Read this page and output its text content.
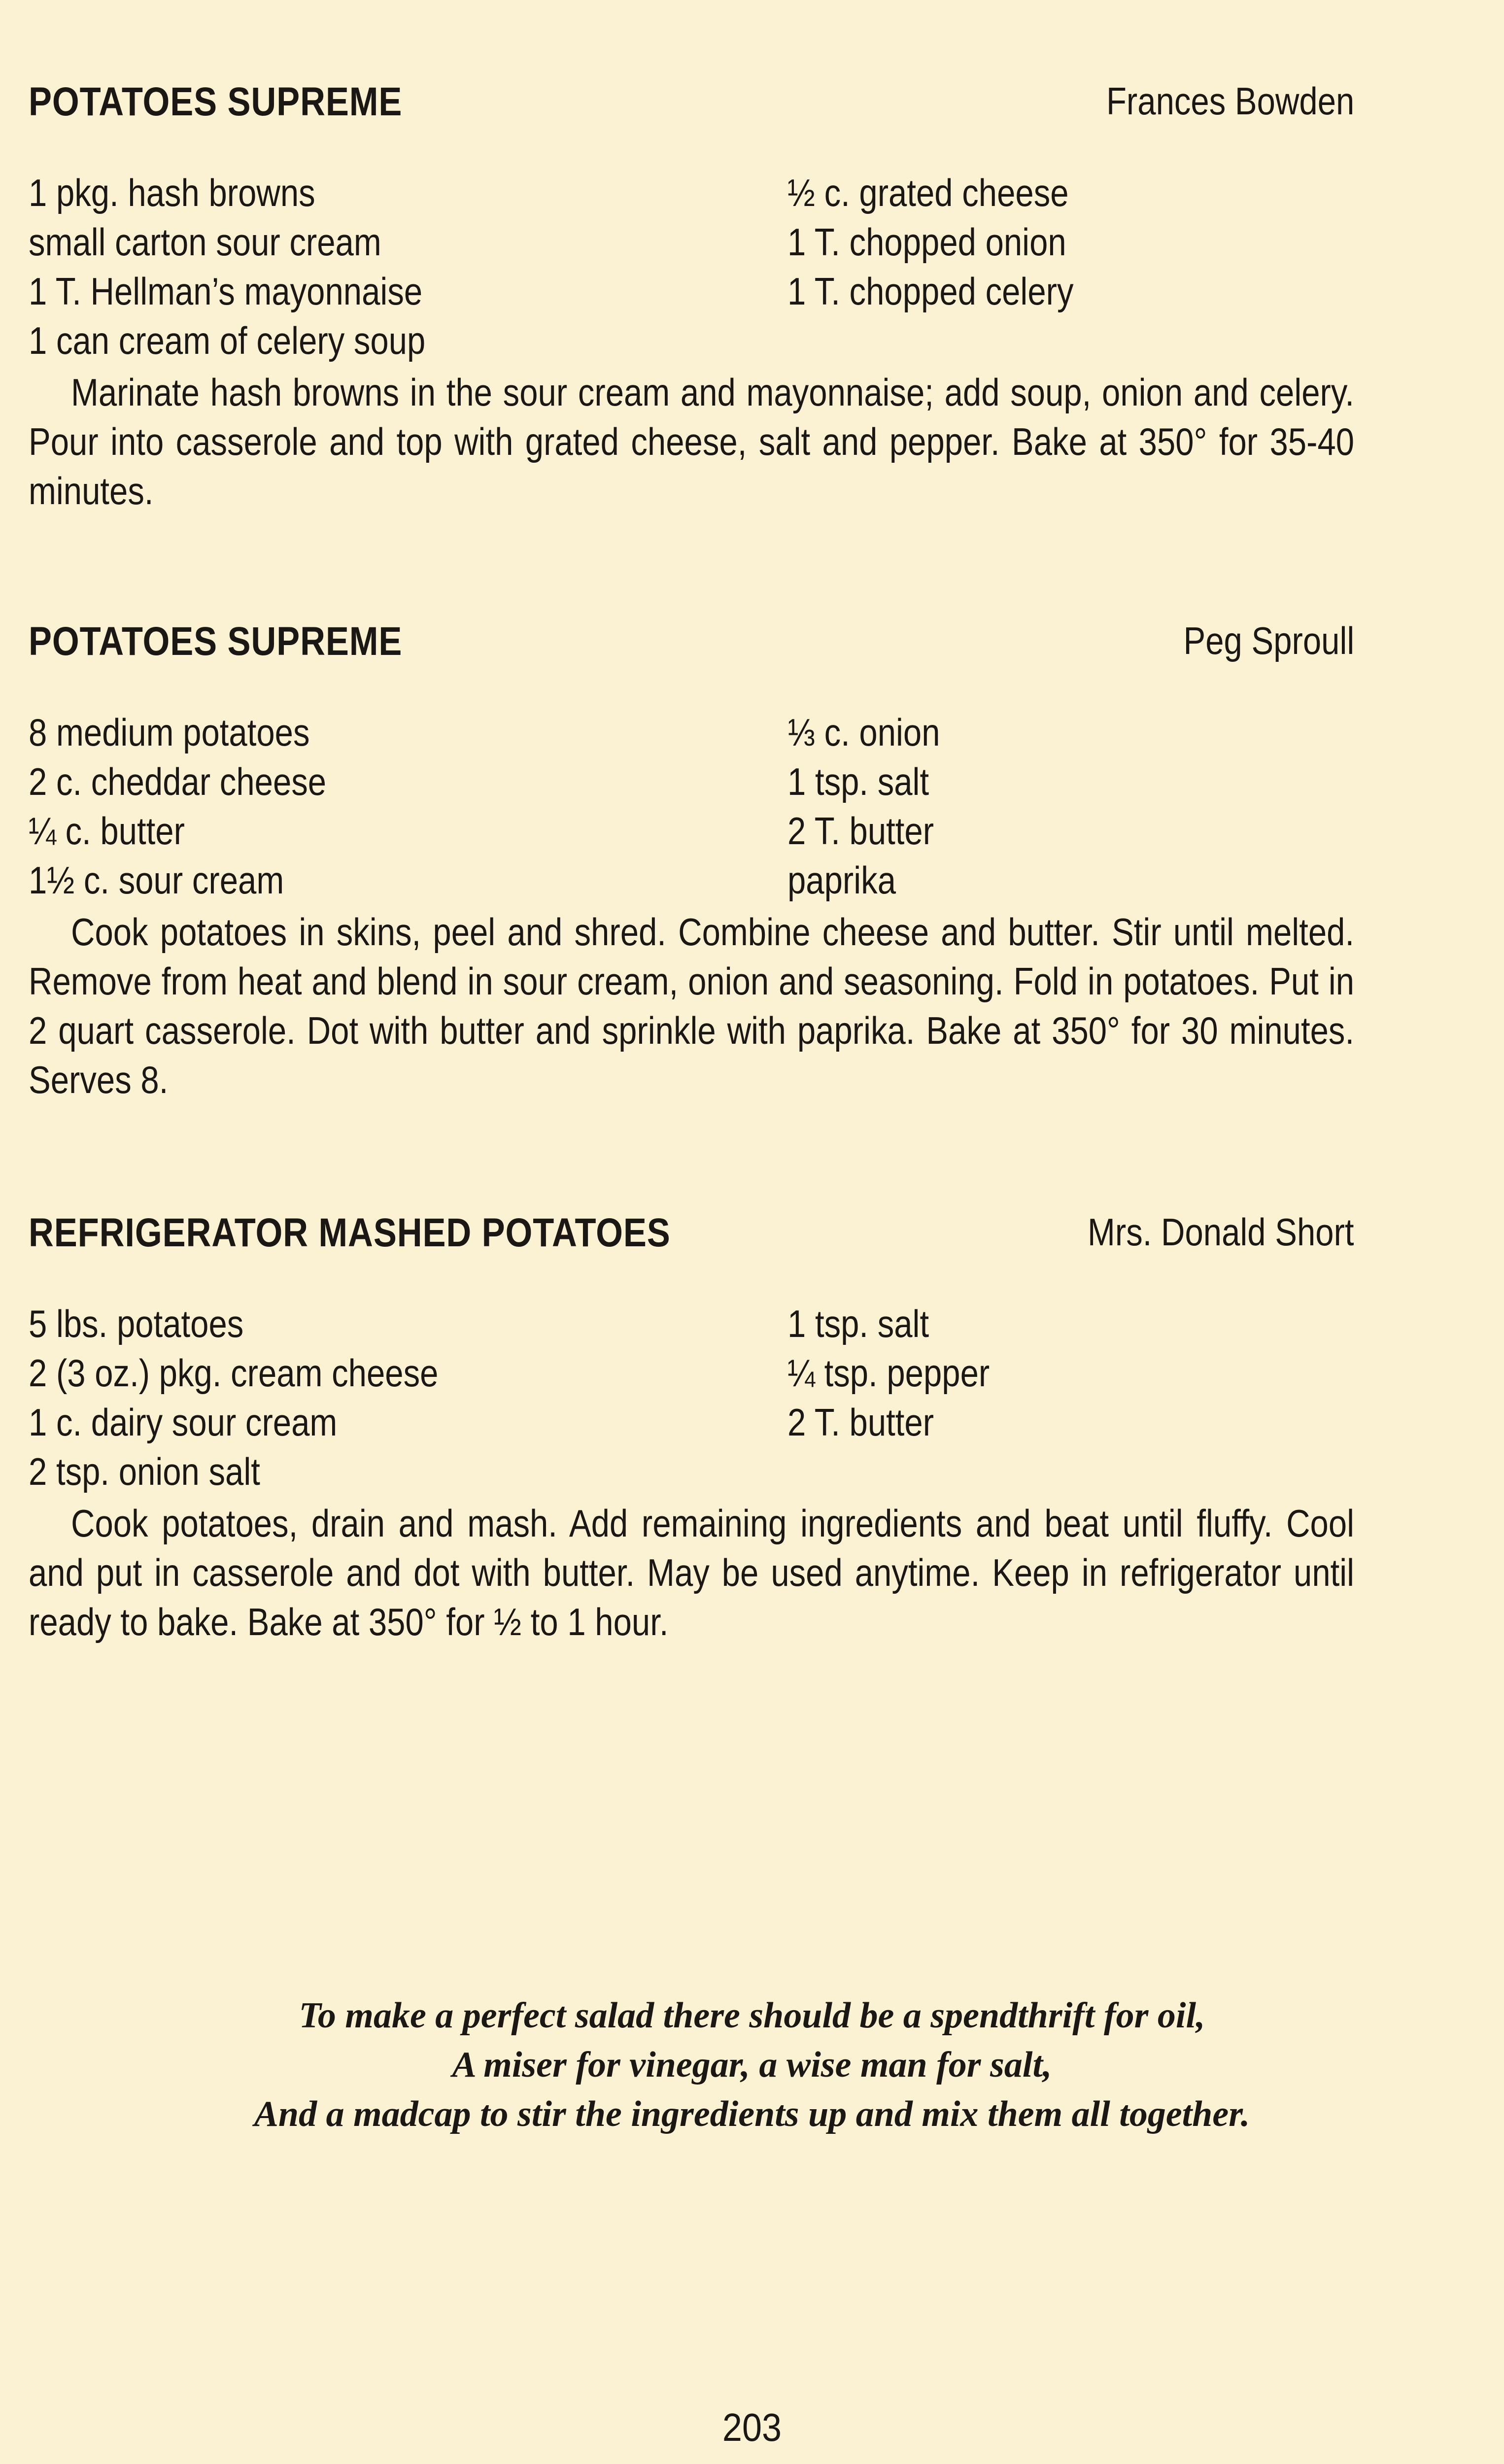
POTATOES SUPREME	Frances Bowden
1 pkg. hash browns	½ c. grated cheese
small carton sour cream	1 T. chopped onion
1 T. Hellman’s mayonnaise	1 T. chopped celery
1 can cream of celery soup

Marinate hash browns in the sour cream and mayonnaise; add soup, onion and celery. Pour into casserole and top with grated cheese, salt and pepper. Bake at 350° for 35-40 minutes.

POTATOES SUPREME	Peg Sproull
8 medium potatoes	⅓ c. onion
2 c. cheddar cheese	1 tsp. salt
¼ c. butter	2 T. butter
1½ c. sour cream	paprika

Cook potatoes in skins, peel and shred. Combine cheese and butter. Stir until melted. Remove from heat and blend in sour cream, onion and seasoning. Fold in potatoes. Put in 2 quart casserole. Dot with butter and sprinkle with paprika. Bake at 350° for 30 minutes. Serves 8.

REFRIGERATOR MASHED POTATOES	Mrs. Donald Short
5 lbs. potatoes	1 tsp. salt
2 (3 oz.) pkg. cream cheese	¼ tsp. pepper
1 c. dairy sour cream	2 T. butter
2 tsp. onion salt

Cook potatoes, drain and mash. Add remaining ingredients and beat until fluffy. Cool and put in casserole and dot with butter. May be used anytime. Keep in refrigerator until ready to bake. Bake at 350° for ½ to 1 hour.

To make a perfect salad there should be a spendthrift for oil,
A miser for vinegar, a wise man for salt,
And a madcap to stir the ingredients up and mix them all together.
203
